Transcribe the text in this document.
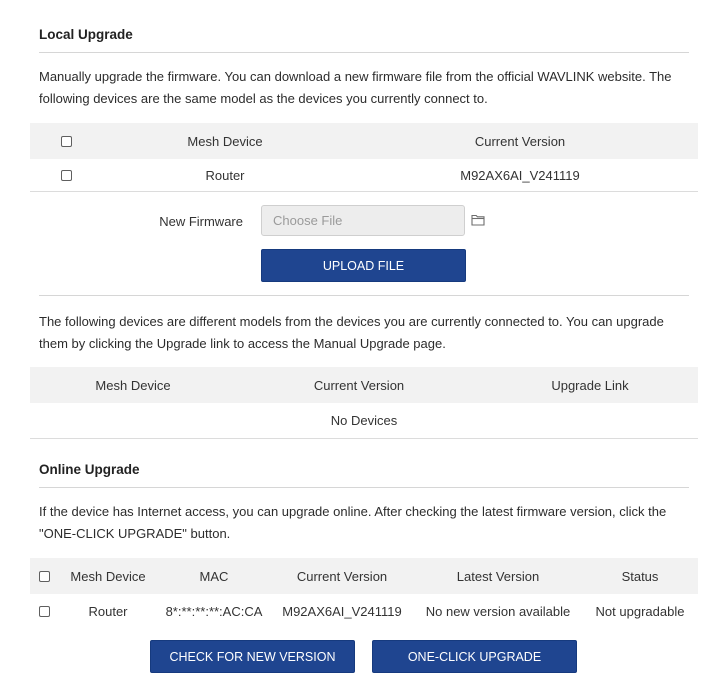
Local Upgrade
Manually upgrade the firmware. You can download a new firmware file from the official WAVLINK website. The
following devices are the same model as the devices you currently connect to.
Mesh Device	Current Version
Router	M92AX6AI_V241119
New Firmware Choose File
UPLOAD FILE
The following devices are different models from the devices you are currently connected to. You can upgrade
them by clicking the Upgrade link to access the Manual Upgrade page.
Mesh Device	Current Version	Upgrade Link
No Devices
Online Upgrade
If the device has Internet access, you can upgrade online. After checking the latest firmware version, click the
"ONE-CLICK UPGRADE" button.
Mesh Device	MAC	Current Version	Latest Version	Status
Router	8*:**:**:**:AC:CA	M92AX6AI_V241119	No new version available	Not upgradable
CHECK FOR NEW VERSION	ONE-CLICK UPGRADE
